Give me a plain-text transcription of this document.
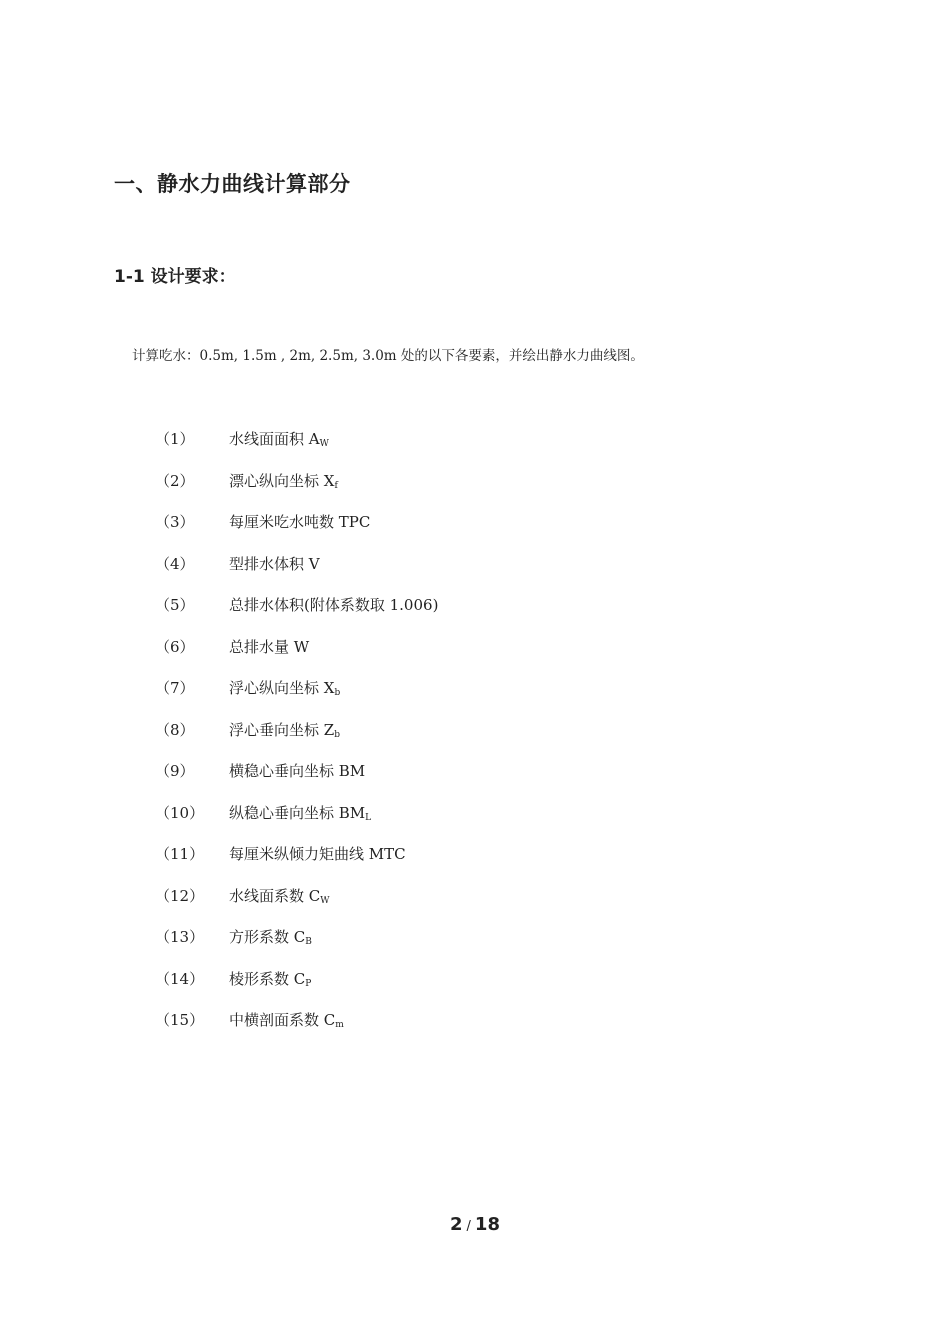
一、静水力曲线计算部分
1-1 设计要求：
计算吃水：0.5m, 1.5m , 2m, 2.5m, 3.0m 处的以下各要素，并绘出静水力曲线图。
（1）	水线面面积 $A_W$
（2）	漂心纵向坐标 $X_f$
（3）	每厘米吃水吨数 TPC
（4）	型排水体积 V
（5）	总排水体积(附体系数取 1.006)
（6）	总排水量 W
（7）	浮心纵向坐标 $X_b$
（8）	浮心垂向坐标 $Z_b$
（9）	横稳心垂向坐标 BM
（10）	纵稳心垂向坐标 $BM_L$
（11）	每厘米纵倾力矩曲线 MTC
（12）	水线面系数 $C_W$
（13）	方形系数 $C_B$
（14）	棱形系数 $C_P$
（15）	中横剖面系数 $C_m$
2 / 18
